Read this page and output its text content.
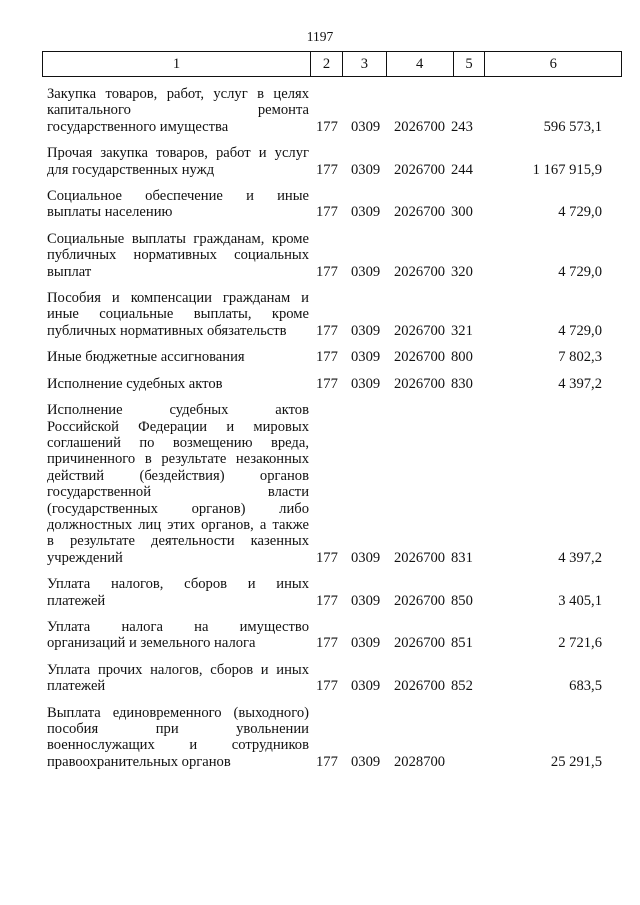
1197
1	2	3	4	5	6
Закупка товаров, работ, услуг в целях
капитального ремонта
государственного имущества	177 0309 2026700 243	596 573,1
Прочая закупка товаров, работ и услуг
для государственных нужд	177 0309 2026700 244	1 167 915,9
Социальное обеспечение и иные
выплаты населению	177 0309 2026700 300	4 729,0
Социальные выплаты гражданам, кроме
публичных нормативных социальных
выплат	177 0309 2026700 320	4 729,0
Пособия и компенсации гражданам и
иные социальные выплаты, кроме
публичных нормативных обязательств	177 0309 2026700 321	4 729,0
Иные бюджетные ассигнования	177 0309 2026700 800	7 802,3
Исполнение судебных актов	177 0309 2026700 830	4 397,2
Исполнение судебных актов
Российской Федерации и мировых
соглашений по возмещению вреда,
причиненного в результате незаконных
действий (бездействия) органов
государственной власти
(государственных органов) либо
должностных лиц этих органов, а также
в результате деятельности казенных
учреждений	177 0309 2026700 831	4 397,2
Уплата налогов, сборов и иных
платежей	177 0309 2026700 850	3 405,1
Уплата налога на имущество
организаций и земельного налога	177 0309 2026700 851	2 721,6
Уплата прочих налогов, сборов и иных
платежей	177 0309 2026700 852	683,5
Выплата единовременного (выходного)
пособия при увольнении
военнослужащих и сотрудников
правоохранительных органов	177 0309 2028700	25 291,5
